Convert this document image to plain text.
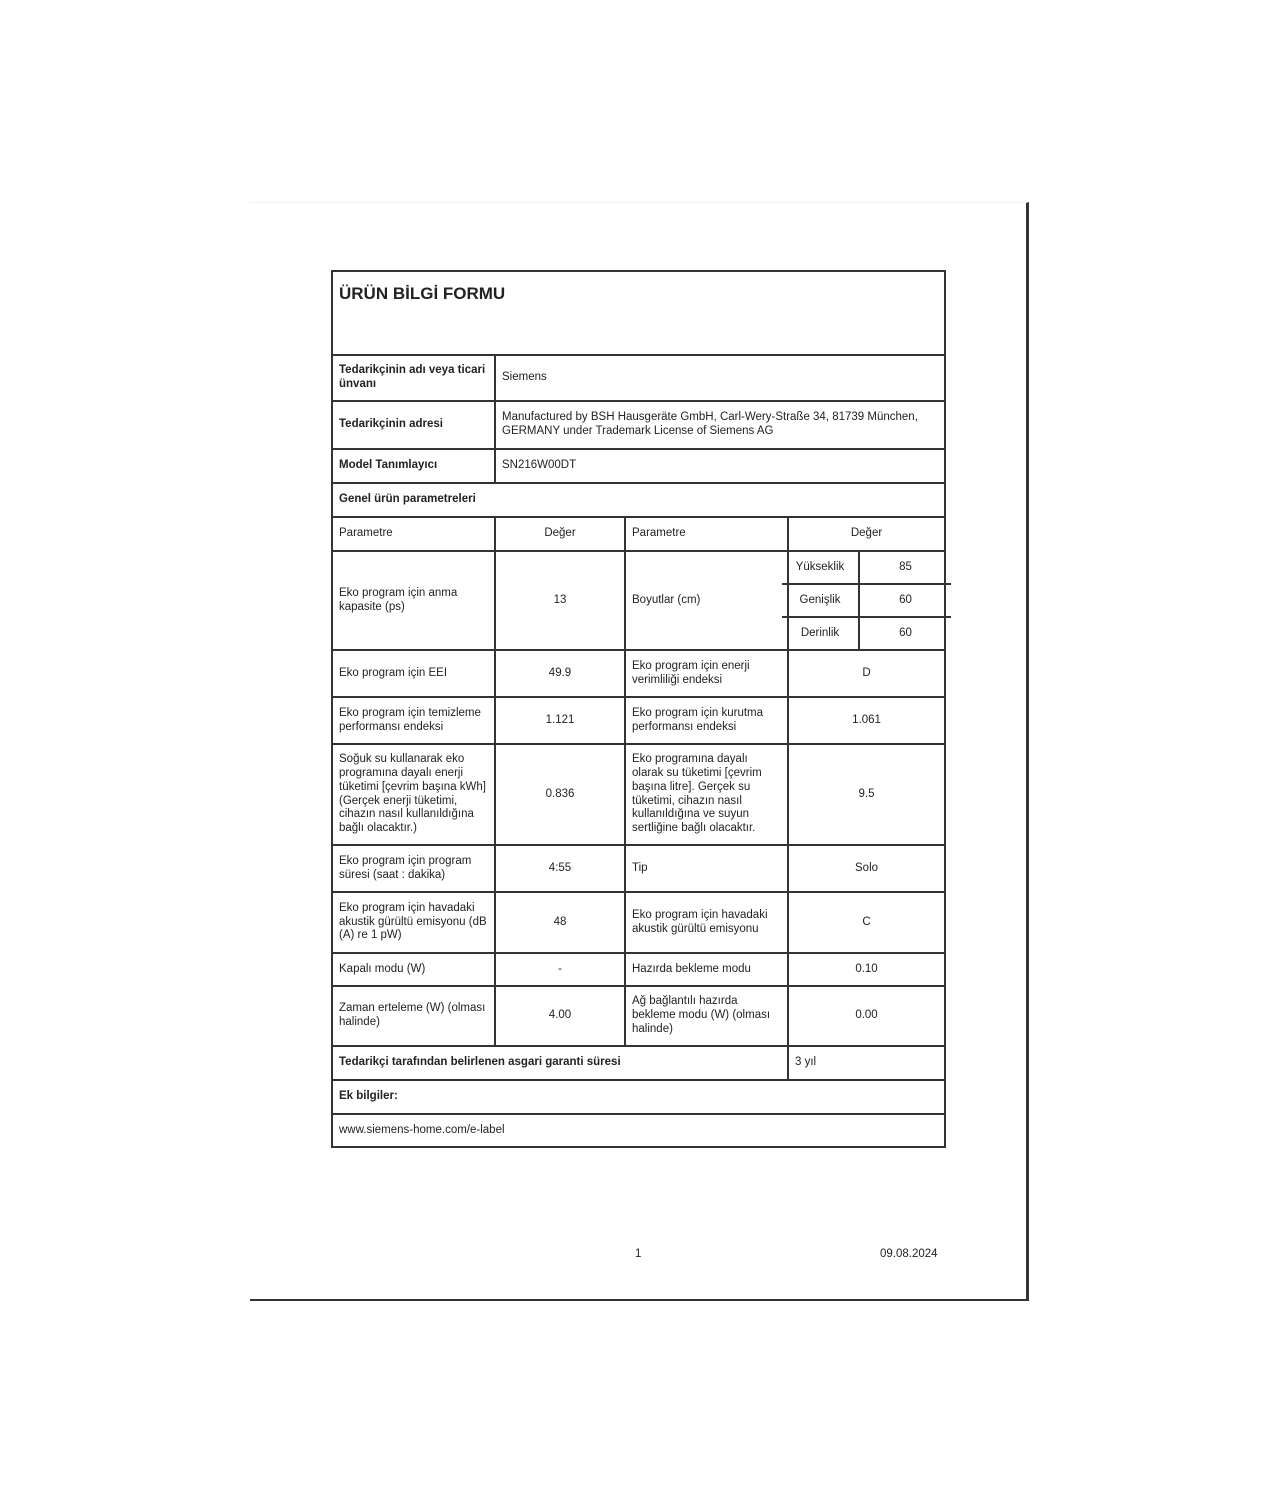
ÜRÜN BİLGİ FORMU
Tedarikçinin adı veya ticari ünvanı	Siemens
Tedarikçinin adresi	Manufactured by BSH Hausgeräte GmbH, Carl-Wery-Straße 34, 81739 München, GERMANY under Trademark License of Siemens AG
Model Tanımlayıcı	SN216W00DT
Genel ürün parametreleri
Parametre	Değer	Parametre	Değer
Eko program için anma kapasite (ps)	13	Boyutlar (cm)	
Yükseklik	85
Genişlik	60
Derinlik	60

Eko program için EEI	49.9	Eko program için enerji verimliliği endeksi	D
Eko program için temizleme performansı endeksi	1.121	Eko program için kurutma performansı endeksi	1.061
Soğuk su kullanarak eko programına dayalı enerji tüketimi [çevrim başına kWh] (Gerçek enerji tüketimi, cihazın nasıl kullanıldığına bağlı olacaktır.)	0.836	Eko programına dayalı olarak su tüketimi [çevrim başına litre]. Gerçek su tüketimi, cihazın nasıl kullanıldığına ve suyun sertliğine bağlı olacaktır.	9.5
Eko program için program süresi (saat : dakika)	4:55	Tip	Solo
Eko program için havadaki akustik gürültü emisyonu (dB (A) re 1 pW)	48	Eko program için havadaki akustik gürültü emisyonu	C
Kapalı modu (W)	-	Hazırda bekleme modu	0.10
Zaman erteleme (W) (olması halinde)	4.00	Ağ bağlantılı hazırda bekleme modu (W) (olması halinde)	0.00
Tedarikçi tarafından belirlenen asgari garanti süresi	3 yıl
Ek bilgiler:
www.siemens-home.com/e-label
1	09.08.2024
